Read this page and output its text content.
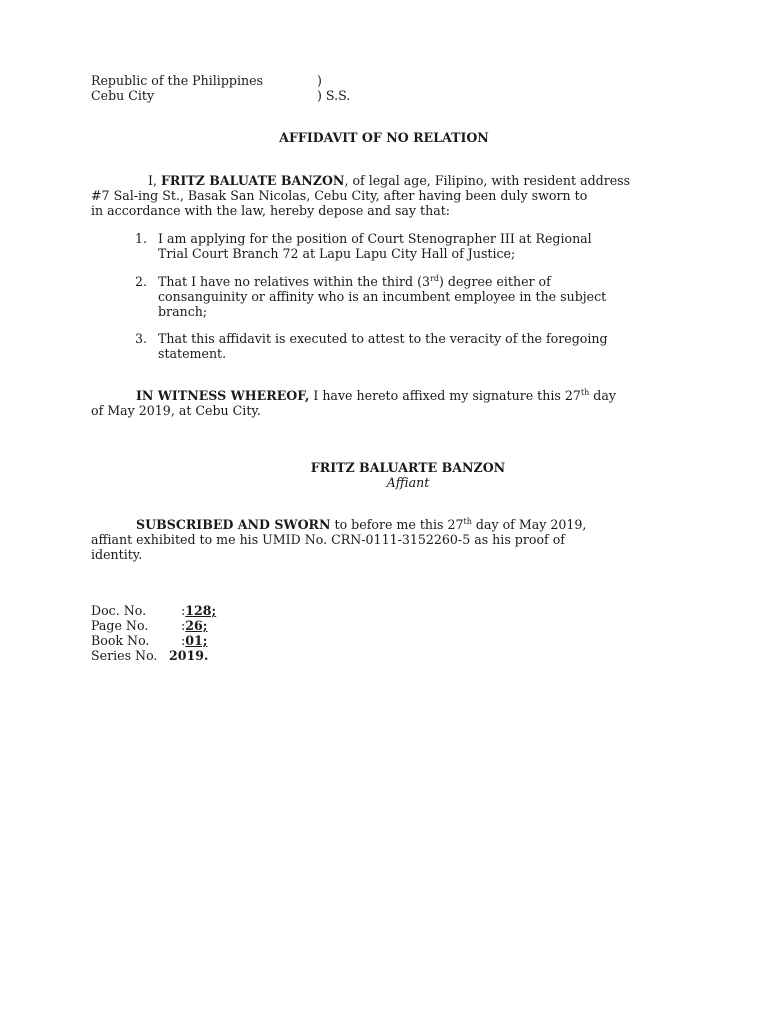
Republic of the Philippines	)
Cebu City	) S.S.
AFFIDAVIT OF NO RELATION
I, FRITZ BALUATE BANZON, of legal age, Filipino, with resident address
#7 Sal-ing St., Basak San Nicolas, Cebu City, after having been duly sworn to
in accordance with the law, hereby depose and say that:
1. I am applying for the position of Court Stenographer III at Regional
Trial Court Branch 72 at Lapu Lapu City Hall of Justice;
2. That I have no relatives within the third (3rd) degree either of
consanguinity or affinity who is an incumbent employee in the subject
branch;
3. That this affidavit is executed to attest to the veracity of the foregoing
statement.
IN WITNESS WHEREOF, I have hereto affixed my signature this 27th day
of May 2019, at Cebu City.
FRITZ BALUARTE BANZON
Affiant
SUBSCRIBED AND SWORN to before me this 27th day of May 2019,
affiant exhibited to me his UMID No. CRN-0111-3152260-5 as his proof of
identity.
Doc. No.	:128;
Page No.	:26;
Book No.	:01;
Series No. 2019.
